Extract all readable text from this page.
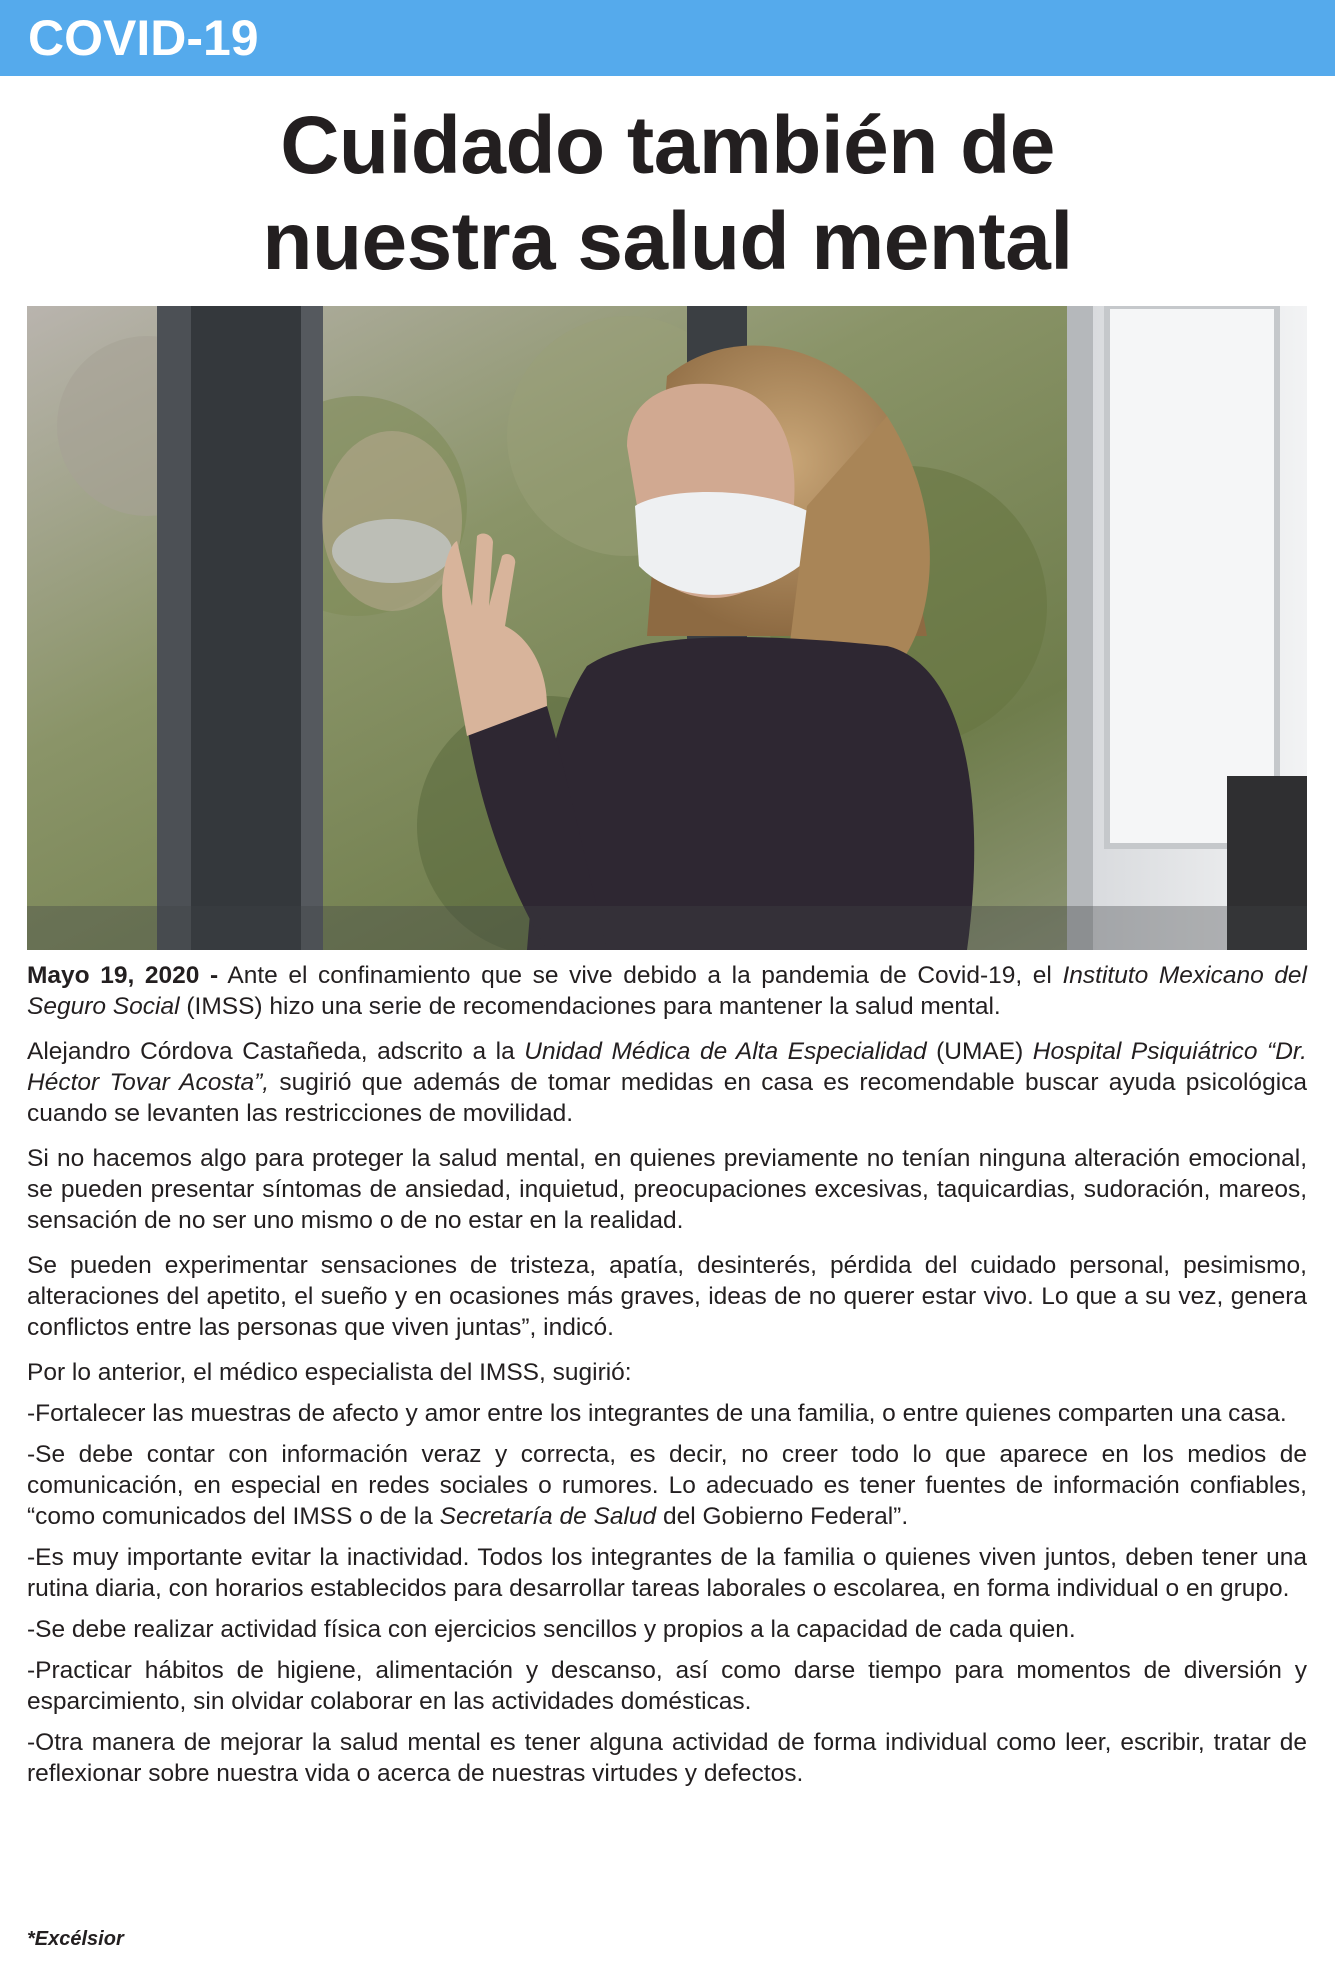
COVID-19
Cuidado también de
nuestra salud mental

Mayo 19, 2020 - Ante el confinamiento que se vive debido a la pandemia de Covid-19, el Instituto Mexicano del Seguro Social (IMSS) hizo una serie de recomendaciones para mantener la salud mental.

Alejandro Córdova Castañeda, adscrito a la Unidad Médica de Alta Especialidad (UMAE) Hospital Psiquiátrico “Dr. Héctor Tovar Acosta”, sugirió que además de tomar medidas en casa es recomendable buscar ayuda psicológica cuando se levanten las restricciones de movilidad.

Si no hacemos algo para proteger la salud mental, en quienes previamente no tenían ninguna alteración emocional, se pueden presentar síntomas de ansiedad, inquietud, preocupaciones excesivas, taquicardias, sudoración, mareos, sensación de no ser uno mismo o de no estar en la realidad.

Se pueden experimentar sensaciones de tristeza, apatía, desinterés, pérdida del cuidado personal, pesimismo, alteraciones del apetito, el sueño y en ocasiones más graves, ideas de no querer estar vivo. Lo que a su vez, genera conflictos entre las personas que viven juntas”, indicó.

Por lo anterior, el médico especialista del IMSS, sugirió:

-Fortalecer las muestras de afecto y amor entre los integrantes de una familia, o entre quienes comparten una casa.

-Se debe contar con información veraz y correcta, es decir, no creer todo lo que aparece en los medios de comunicación, en especial en redes sociales o rumores. Lo adecuado es tener fuentes de información confiables, “como comunicados del IMSS o de la Secretaría de Salud del Gobierno Federal”.

-Es muy importante evitar la inactividad. Todos los integrantes de la familia o quienes viven juntos, deben tener una rutina diaria, con horarios establecidos para desarrollar tareas laborales o escolarea, en forma individual o en grupo.

-Se debe realizar actividad física con ejercicios sencillos y propios a la capacidad de cada quien.

-Practicar hábitos de higiene, alimentación y descanso, así como darse tiempo para momentos de diversión y esparcimiento, sin olvidar colaborar en las actividades domésticas.

-Otra manera de mejorar la salud mental es tener alguna actividad de forma individual como leer, escribir, tratar de reflexionar sobre nuestra vida o acerca de nuestras virtudes y defectos.

*Excélsior
